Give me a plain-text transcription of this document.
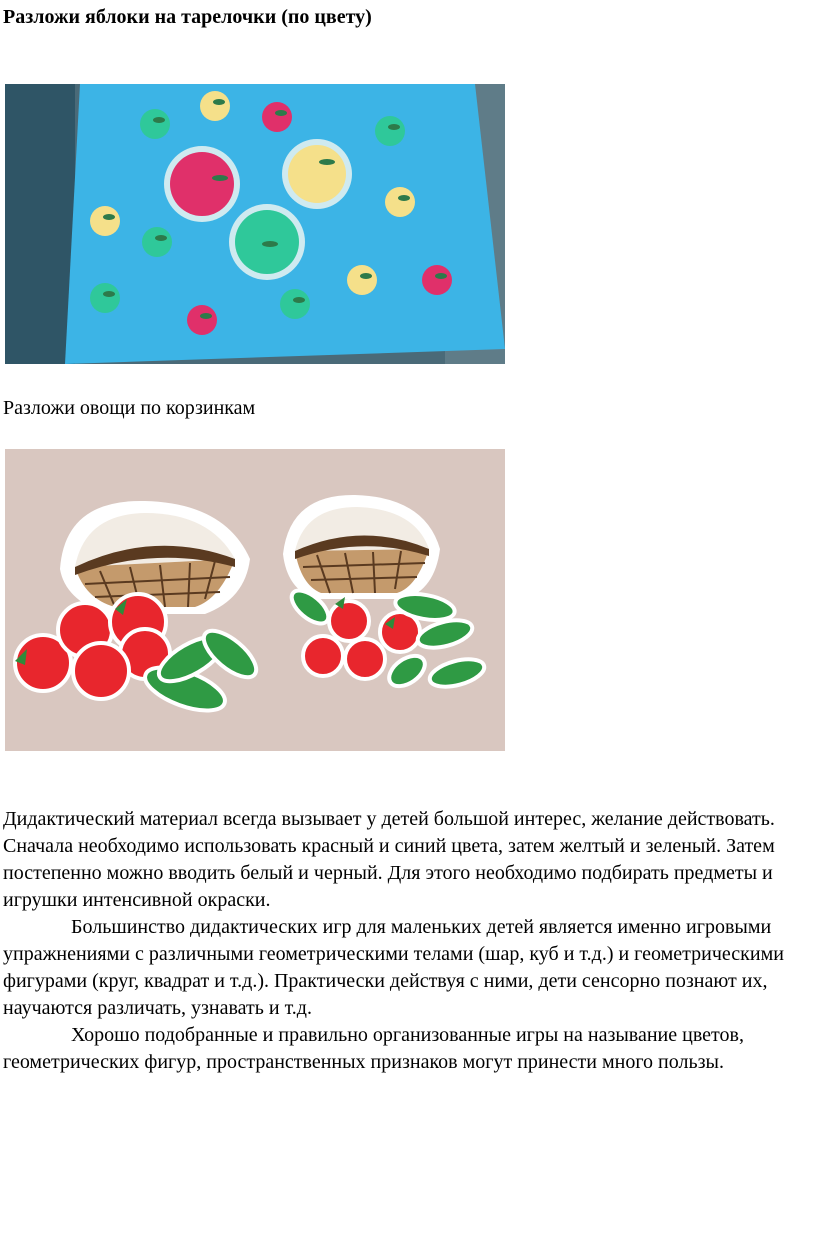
Разложи яблоки на тарелочки (по цвету)

Разложи овощи по корзинкам

Дидактический материал всегда вызывает у детей большой интерес, желание действовать. Сначала необходимо использовать красный и синий цвета, затем желтый и зеленый. Затем постепенно можно вводить белый и черный. Для этого необходимо подбирать предметы и игрушки интенсивной окраски.

Большинство дидактических игр для маленьких детей является именно игровыми упражнениями с различными геометрическими телами (шар, куб и т.д.) и геометрическими фигурами (круг, квадрат и т.д.). Практически действуя с ними, дети сенсорно познают их, научаются различать, узнавать и т.д.

Хорошо подобранные и правильно организованные игры на называние цветов, геометрических фигур, пространственных признаков могут принести много пользы.
